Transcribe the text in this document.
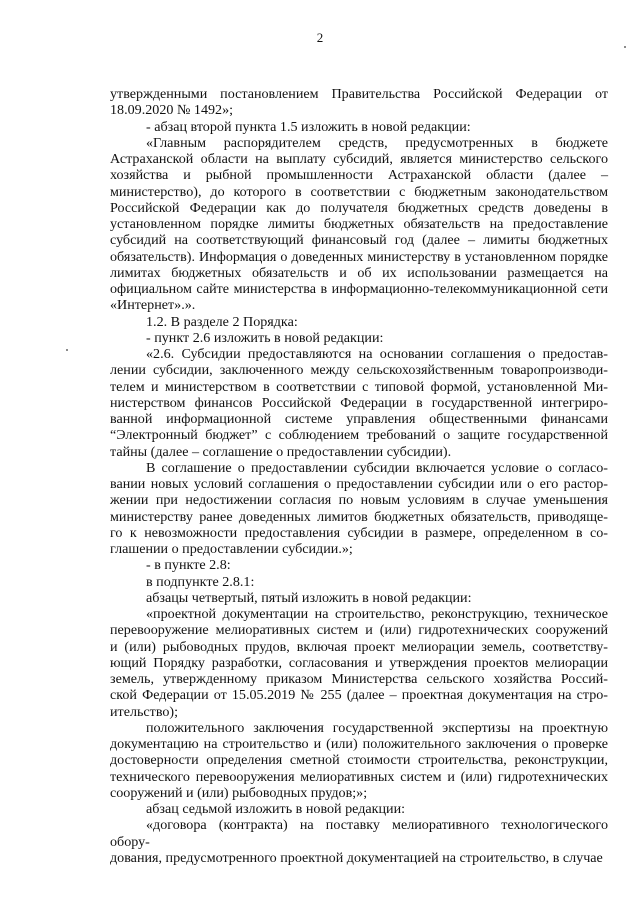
2

утвержденными постановлением Правительства Российской Федерации от

18.09.2020 № 1492»;

- абзац второй пункта 1.5 изложить в новой редакции:

«Главным распорядителем средств, предусмотренных в бюджете

Астраханской области на выплату субсидий, является министерство сельского

хозяйства и рыбной промышленности Астраханской области (далее –

министерство), до которого в соответствии с бюджетным законодательством

Российской Федерации как до получателя бюджетных средств доведены в

установленном порядке лимиты бюджетных обязательств на предоставление

субсидий на соответствующий финансовый год (далее – лимиты бюджетных

обязательств). Информация о доведенных министерству в установленном порядке

лимитах бюджетных обязательств и об их использовании размещается на

официальном сайте министерства в информационно-телекоммуникационной сети

«Интернет».».

1.2. В разделе 2 Порядка:

- пункт 2.6 изложить в новой редакции:

«2.6. Субсидии предоставляются на основании соглашения о предостав-

лении субсидии, заключенного между сельскохозяйственным товаропроизводи-

телем и министерством в соответствии с типовой формой, установленной Ми-

нистерством финансов Российской Федерации в государственной интегриро-

ванной информационной системе управления общественными финансами

“Электронный бюджет” с соблюдением требований о защите государственной

тайны (далее – соглашение о предоставлении субсидии).

В соглашение о предоставлении субсидии включается условие о согласо-

вании новых условий соглашения о предоставлении субсидии или о его растор-

жении при недостижении согласия по новым условиям в случае уменьшения

министерству ранее доведенных лимитов бюджетных обязательств, приводяще-

го к невозможности предоставления субсидии в размере, определенном в со-

глашении о предоставлении субсидии.»;

- в пункте 2.8:

в подпункте 2.8.1:

абзацы четвертый, пятый изложить в новой редакции:

«проектной документации на строительство, реконструкцию, техническое

перевооружение мелиоративных систем и (или) гидротехнических сооружений

и (или) рыбоводных прудов, включая проект мелиорации земель, соответству-

ющий Порядку разработки, согласования и утверждения проектов мелиорации

земель, утвержденному приказом Министерства сельского хозяйства Россий-

ской Федерации от 15.05.2019 № 255 (далее – проектная документация на стро-

ительство);

положительного заключения государственной экспертизы на проектную

документацию на строительство и (или) положительного заключения о проверке

достоверности определения сметной стоимости строительства, реконструкции,

технического перевооружения мелиоративных систем и (или) гидротехнических

сооружений и (или) рыбоводных прудов;»;

абзац седьмой изложить в новой редакции:

«договора (контракта) на поставку мелиоративного технологического обору-

дования, предусмотренного проектной документацией на строительство, в случае
